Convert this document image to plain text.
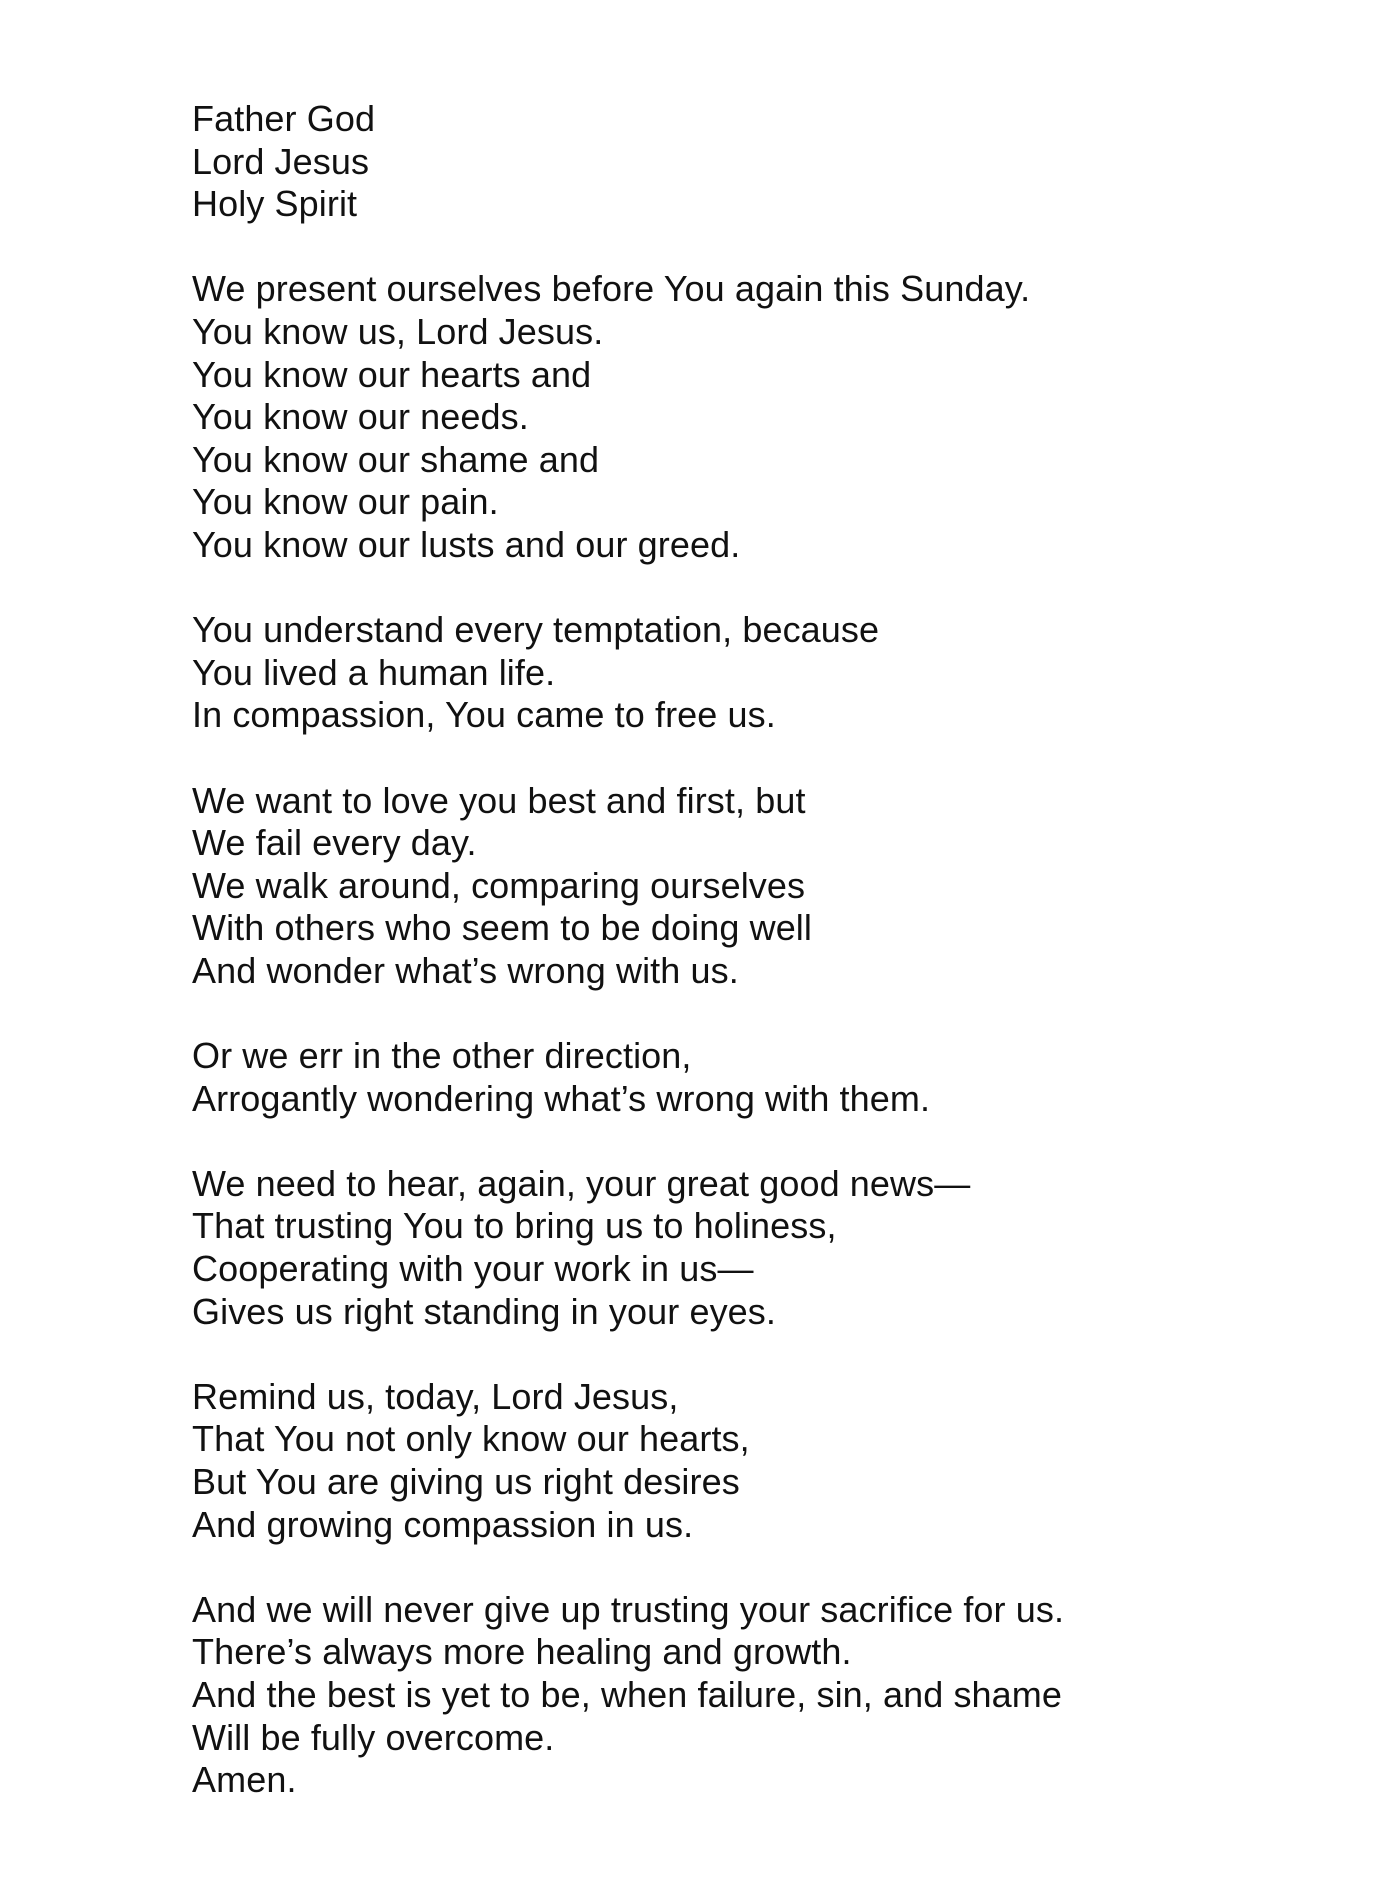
Father God
Lord Jesus
Holy Spirit
We present ourselves before You again this Sunday.
You know us, Lord Jesus.
You know our hearts and
You know our needs.
You know our shame and
You know our pain.
You know our lusts and our greed.
You understand every temptation, because
You lived a human life.
In compassion, You came to free us.
We want to love you best and first, but
We fail every day.
We walk around, comparing ourselves
With others who seem to be doing well
And wonder what’s wrong with us.
Or we err in the other direction,
Arrogantly wondering what’s wrong with them.
We need to hear, again, your great good news—
That trusting You to bring us to holiness,
Cooperating with your work in us—
Gives us right standing in your eyes.
Remind us, today, Lord Jesus,
That You not only know our hearts,
But You are giving us right desires
And growing compassion in us.
And we will never give up trusting your sacrifice for us.
There’s always more healing and growth.
And the best is yet to be, when failure, sin, and shame
Will be fully overcome.
Amen.
